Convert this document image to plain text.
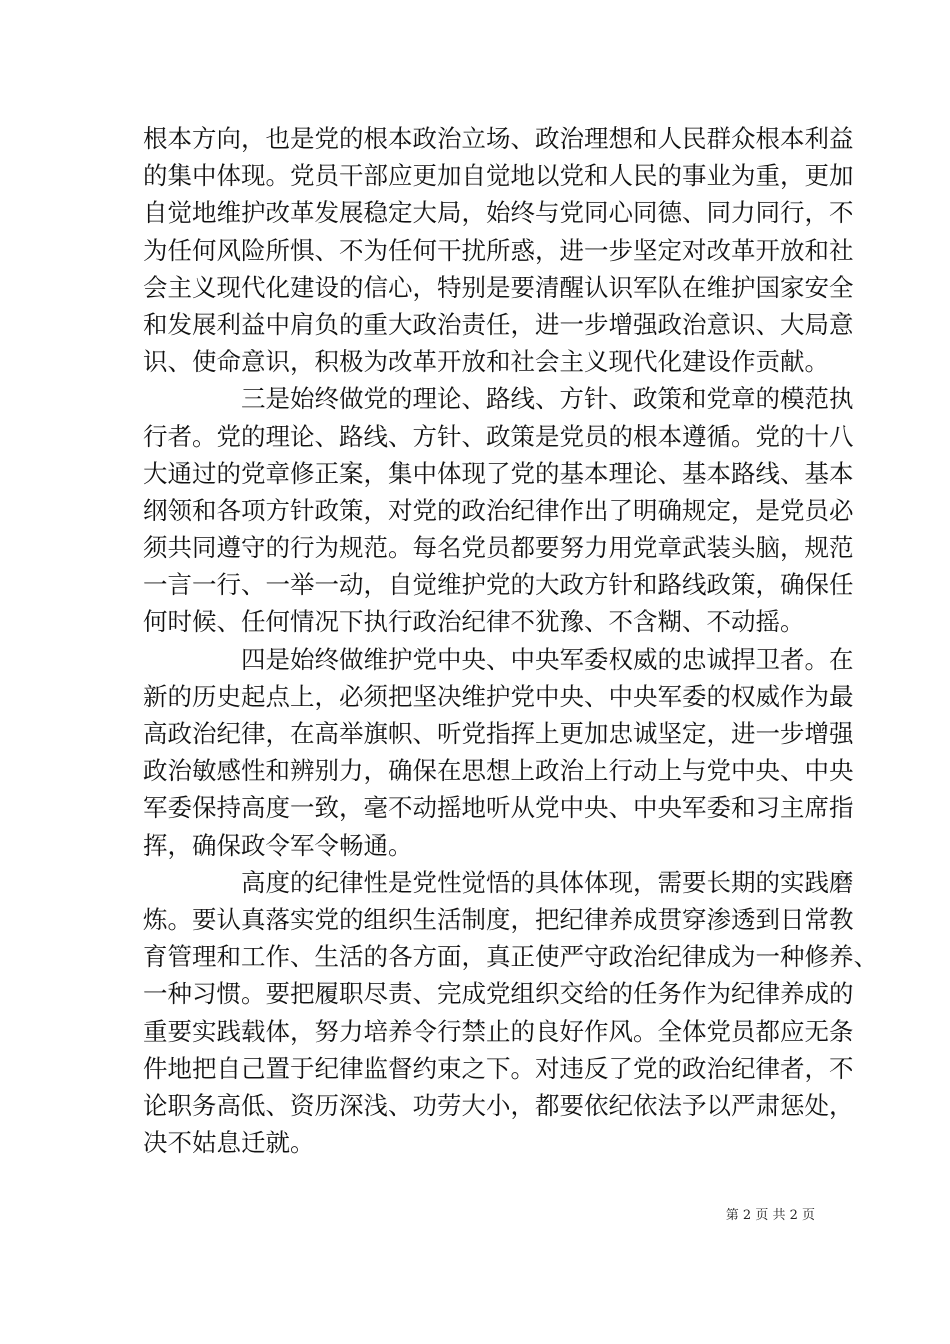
根本方向，也是党的根本政治立场、政治理想和人民群众根本利益
的集中体现。党员干部应更加自觉地以党和人民的事业为重，更加
自觉地维护改革发展稳定大局，始终与党同心同德、同力同行，不
为任何风险所惧、不为任何干扰所惑，进一步坚定对改革开放和社
会主义现代化建设的信心，特别是要清醒认识军队在维护国家安全
和发展利益中肩负的重大政治责任，进一步增强政治意识、大局意
识、使命意识，积极为改革开放和社会主义现代化建设作贡献。
三是始终做党的理论、路线、方针、政策和党章的模范执
行者。党的理论、路线、方针、政策是党员的根本遵循。党的十八
大通过的党章修正案，集中体现了党的基本理论、基本路线、基本
纲领和各项方针政策，对党的政治纪律作出了明确规定，是党员必
须共同遵守的行为规范。每名党员都要努力用党章武装头脑，规范
一言一行、一举一动，自觉维护党的大政方针和路线政策，确保任
何时候、任何情况下执行政治纪律不犹豫、不含糊、不动摇。
四是始终做维护党中央、中央军委权威的忠诚捍卫者。在
新的历史起点上，必须把坚决维护党中央、中央军委的权威作为最
高政治纪律，在高举旗帜、听党指挥上更加忠诚坚定，进一步增强
政治敏感性和辨别力，确保在思想上政治上行动上与党中央、中央
军委保持高度一致，毫不动摇地听从党中央、中央军委和习主席指
挥，确保政令军令畅通。
高度的纪律性是党性觉悟的具体体现，需要长期的实践磨
炼。要认真落实党的组织生活制度，把纪律养成贯穿渗透到日常教
育管理和工作、生活的各方面，真正使严守政治纪律成为一种修养、
一种习惯。要把履职尽责、完成党组织交给的任务作为纪律养成的
重要实践载体，努力培养令行禁止的良好作风。全体党员都应无条
件地把自己置于纪律监督约束之下。对违反了党的政治纪律者，不
论职务高低、资历深浅、功劳大小，都要依纪依法予以严肃惩处，
决不姑息迁就。
第 2 页 共 2 页
